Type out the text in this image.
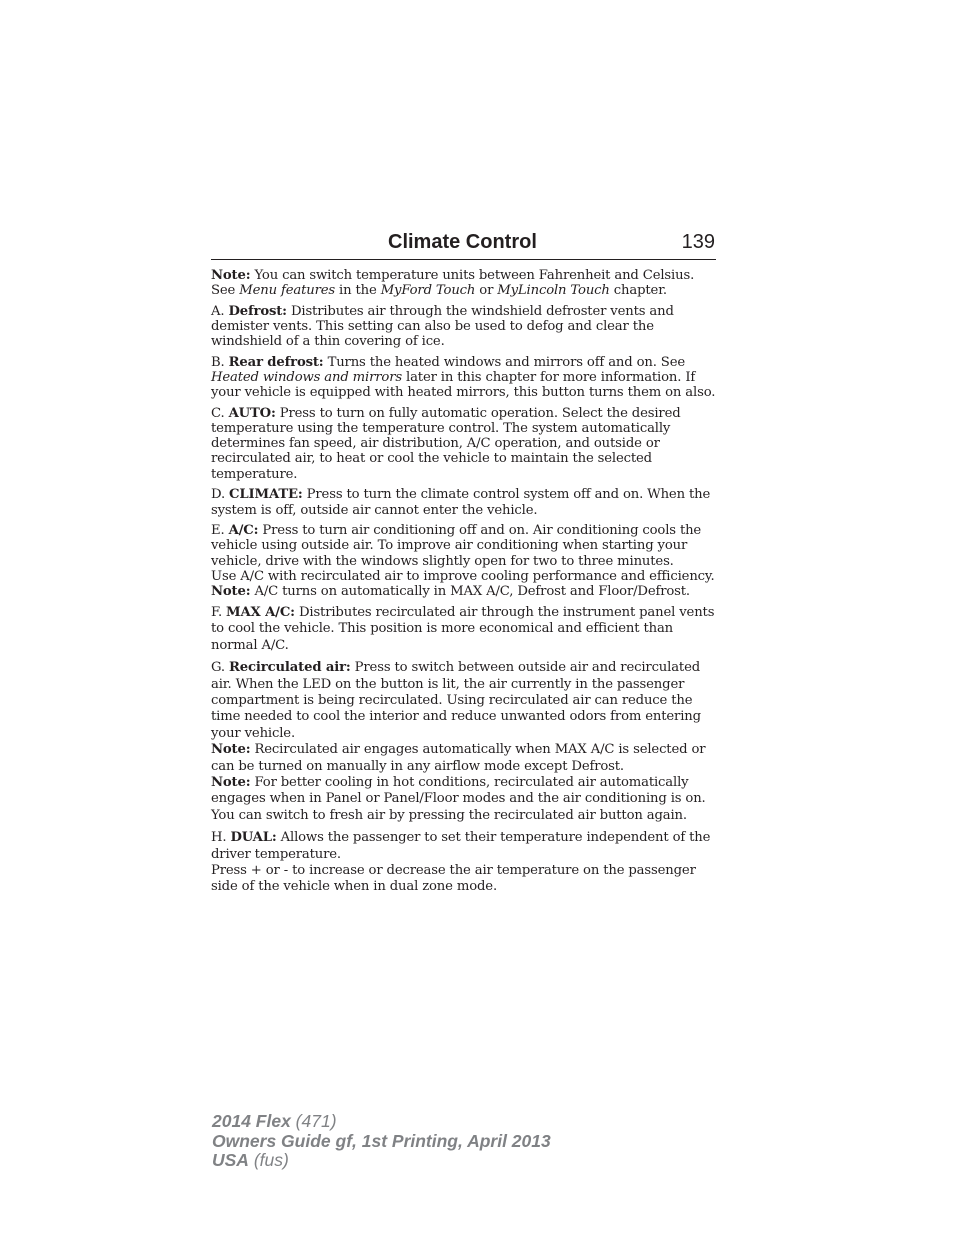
Climate Control	139

Note: You can switch temperature units between Fahrenheit and Celsius. See Menu features in the MyFord Touch or MyLincoln Touch chapter.

A. Defrost: Distributes air through the windshield defroster vents and demister vents. This setting can also be used to defog and clear the windshield of a thin covering of ice.

B. Rear defrost: Turns the heated windows and mirrors off and on. See Heated windows and mirrors later in this chapter for more information. If your vehicle is equipped with heated mirrors, this button turns them on also.

C. AUTO: Press to turn on fully automatic operation. Select the desired temperature using the temperature control. The system automatically determines fan speed, air distribution, A/C operation, and outside or recirculated air, to heat or cool the vehicle to maintain the selected temperature.

D. CLIMATE: Press to turn the climate control system off and on. When the system is off, outside air cannot enter the vehicle.

E. A/C: Press to turn air conditioning off and on. Air conditioning cools the vehicle using outside air. To improve air conditioning when starting your vehicle, drive with the windows slightly open for two to three minutes.

Use A/C with recirculated air to improve cooling performance and efficiency.

Note: A/C turns on automatically in MAX A/C, Defrost and Floor/Defrost.

F. MAX A/C: Distributes recirculated air through the instrument panel vents to cool the vehicle. This position is more economical and efficient than normal A/C.

G. Recirculated air: Press to switch between outside air and recirculated air. When the LED on the button is lit, the air currently in the passenger compartment is being recirculated. Using recirculated air can reduce the time needed to cool the interior and reduce unwanted odors from entering your vehicle.

Note: Recirculated air engages automatically when MAX A/C is selected or can be turned on manually in any airflow mode except Defrost.

Note: For better cooling in hot conditions, recirculated air automatically engages when in Panel or Panel/Floor modes and the air conditioning is on. You can switch to fresh air by pressing the recirculated air button again.

H. DUAL: Allows the passenger to set their temperature independent of the driver temperature.

Press + or - to increase or decrease the air temperature on the passenger side of the vehicle when in dual zone mode.

2014 Flex (471)
Owners Guide gf, 1st Printing, April 2013
USA (fus)
